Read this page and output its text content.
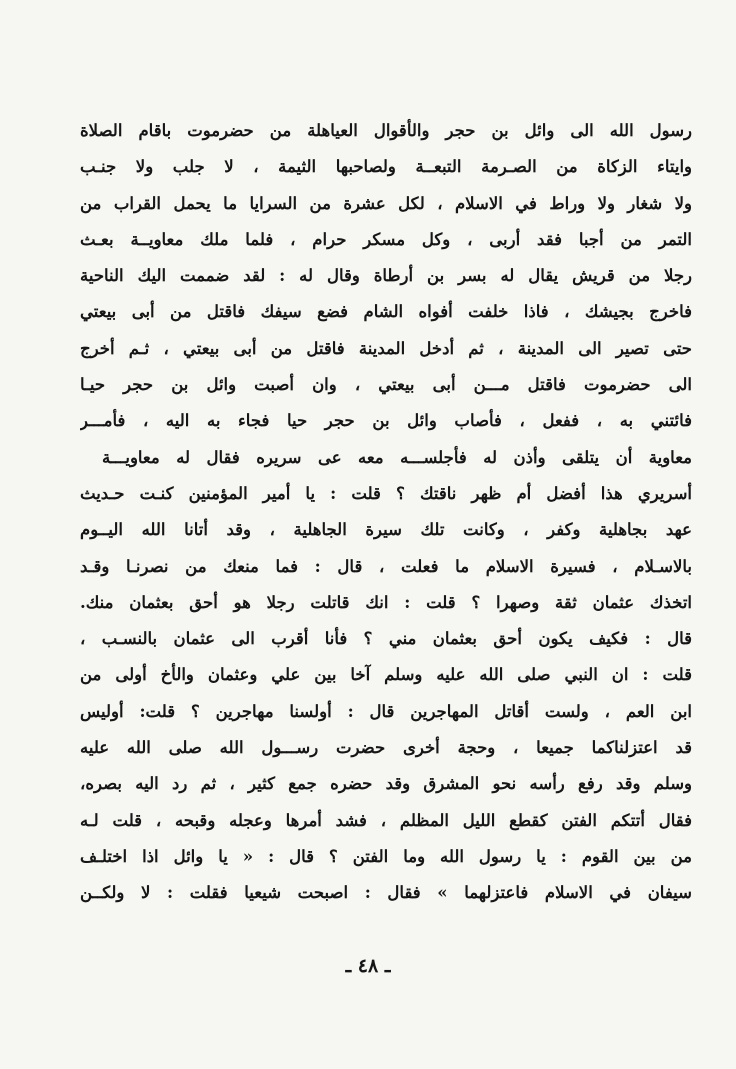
رسول الله الى وائل بن حجر والأقوال العياهلة من حضرموت باقام الصلاة
وايتاء الزكاة من الصـرمة التبعــة ولصاحبها الثيمة ، لا جلب ولا جنـب
ولا شغار ولا وراط في الاسلام ، لكل عشرة من السرايا ما يحمل القراب من
التمر من أجبا فقد أربى ، وكل مسكر حرام ، فلما ملك معاويــة بعـث
رجلا من قريش يقال له بسر بن أرطاة وقال له : لقد ضممت اليك الناحية
فاخرج بجيشك ، فاذا خلفت أفواه الشام فضع سيفك فاقتل من أبى بيعتي
حتى تصير الى المدينة ، ثم أدخل المدينة فاقتل من أبى بيعتي ، ثـم أخرج
الى حضرموت فاقتل مـــن أبى بيعتي ، وان أصبت وائل بن حجر حيـا
فائتني به ، ففعل ، فأصاب وائل بن حجر حيا فجاء به اليه ، فأمـــر
معاوية أن يتلقى وأذن له فأجلســـه معه عى سريره فقال له معاويـــة
أسريري هذا أفضل أم ظهر ناقتك ؟ قلت : يا أمير المؤمنين كنـت حـديث
عهد بجاهلية وكفر ، وكانت تلك سيرة الجاهلية ، وقد أتانا الله اليــوم
بالاسـلام ، فسيرة الاسلام ما فعلت ، قال : فما منعك من نصرنـا وقـد
اتخذك عثمان ثقة وصهرا ؟ قلت : انك قاتلت رجلا هو أحق بعثمان منك.
قال : فكيف يكون أحق بعثمان مني ؟ فأنا أقرب الى عثمان بالنسـب ،
قلت : ان النبي صلى الله عليه وسلم آخا بين علي وعثمان والأخ أولى من
ابن العم ، ولست أقاتل المهاجرين قال : أولسنا مهاجرين ؟ قلت: أوليس
قد اعتزلناكما جميعا ، وحجة أخرى حضرت رســـول الله صلى الله عليه
وسلم وقد رفع رأسه نحو المشرق وقد حضره جمع كثير ، ثم رد اليه بصره،
فقال أتتكم الفتن كقطع الليل المظلم ، فشد أمرها وعجله وقبحه ، قلت لـه
من بين القوم : يا رسول الله وما الفتن ؟ قال : « يا وائل اذا اختلـف
سيفان في الاسلام فاعتزلهما » فقال : اصبحت شيعيا فقلت : لا ولكــن
ـ ٤٨ ـ
